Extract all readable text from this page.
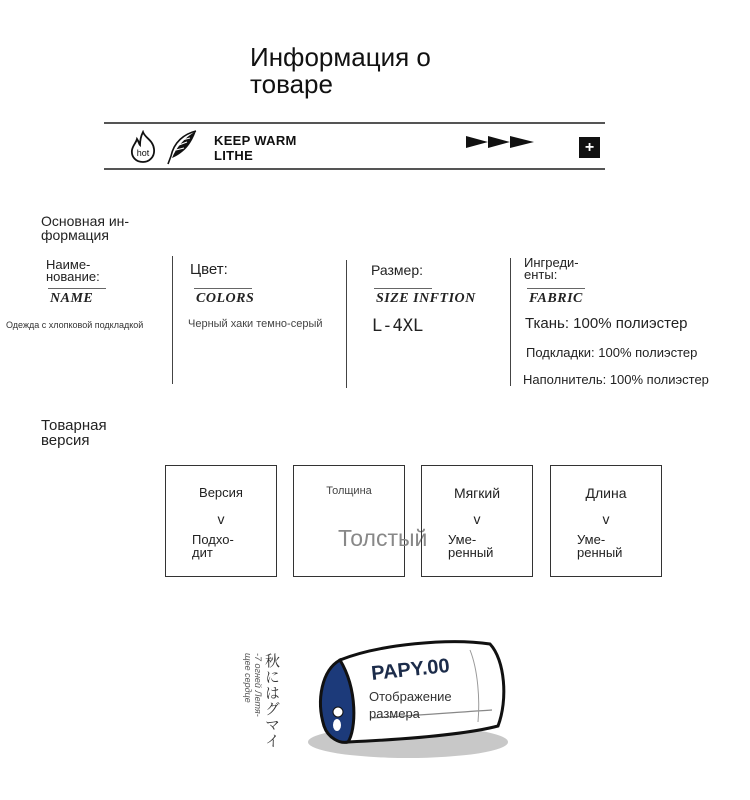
Информация о товаре
hot
KEEP WARM
LITHE	+
Основная ин-формация
Наиме-нование:
NAME
Одежда с хлопковой подкладкой
Цвет:
COLORS
Черный хаки темно-серый
Размер:
SIZE INFTION
L-4XL
Ингреди-енты:
FABRIC
Ткань: 100% полиэстер
Подкладки: 100% полиэстер
Наполнитель: 100% полиэстер
Товарная версия
Версия
v
Подхо-дит
Толщина
Толстый
Мягкий
v
Уме-ренный
Длина
v
Уме-ренный
-7 огней Летя-щее сердце 秋にはグマイ	PAPY.00
Отображение размера
